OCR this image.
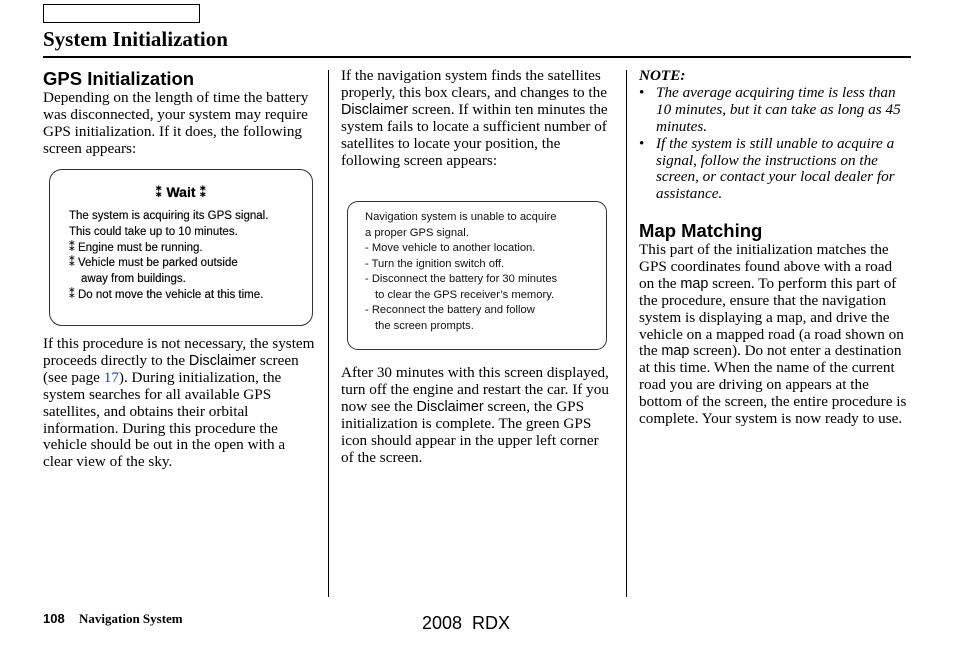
System Initialization
GPS Initialization

Depending on the length of time the battery was disconnected, your system may require GPS initialization. If it does, the following screen appears:

⁑ Wait ⁑
The system is acquiring its GPS signal.
This could take up to 10 minutes.
⁑ Engine must be running.
⁑ Vehicle must be parked outside
away from buildings.
⁑ Do not move the vehicle at this time.

If this procedure is not necessary, the system proceeds directly to the Disclaimer screen (see page 17). During initialization, the system searches for all available GPS satellites, and obtains their orbital information. During this procedure the vehicle should be out in the open with a clear view of the sky.

If the navigation system finds the satellites properly, this box clears, and changes to the Disclaimer screen. If within ten minutes the system fails to locate a sufficient number of satellites to locate your position, the following screen appears:

Navigation system is unable to acquire
a proper GPS signal.
- Move vehicle to another location.
- Turn the ignition switch off.
- Disconnect the battery for 30 minutes
to clear the GPS receiver’s memory.
- Reconnect the battery and follow
the screen prompts.

After 30 minutes with this screen displayed, turn off the engine and restart the car. If you now see the Disclaimer screen, the GPS initialization is complete. The green GPS icon should appear in the upper left corner of the screen.

NOTE:

• The average acquiring time is less than 10 minutes, but it can take as long as 45 minutes.
• If the system is still unable to acquire a signal, follow the instructions on the screen, or contact your local dealer for assistance.
Map Matching

This part of the initialization matches the GPS coordinates found above with a road on the map screen. To perform this part of the procedure, ensure that the navigation system is displaying a map, and drive the vehicle on a mapped road (a road shown on the map screen). Do not enter a destination at this time. When the name of the current road you are driving on appears at the bottom of the screen, the entire procedure is complete. Your system is now ready to use.

108 Navigation System	2008  RDX
